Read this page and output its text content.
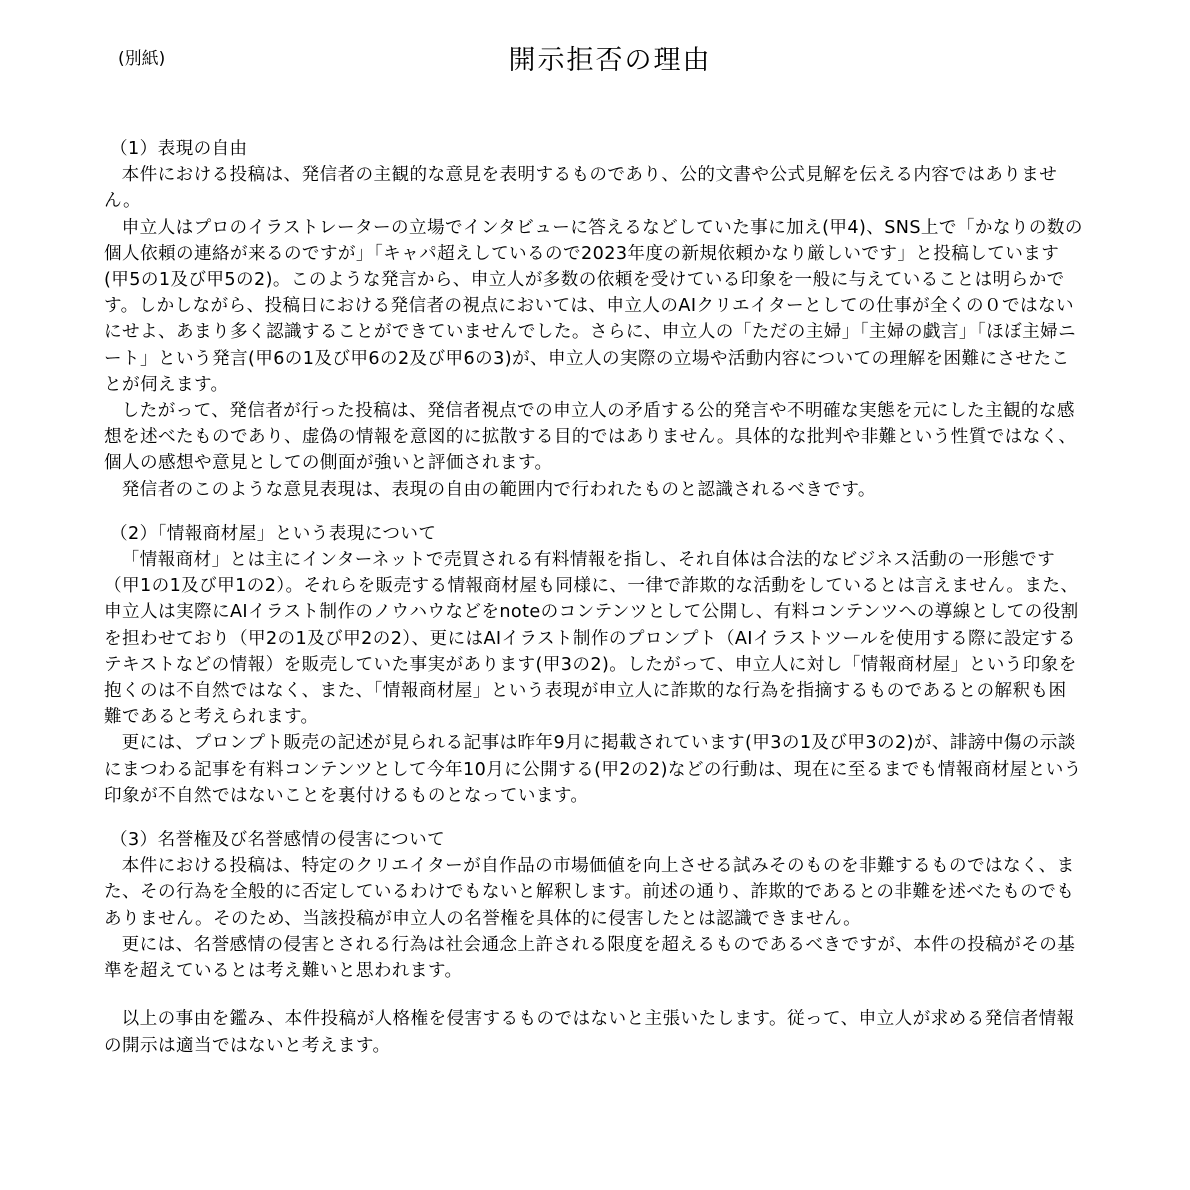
(別紙)	開示拒否の理由

（1）表現の自由

本件における投稿は、発信者の主観的な意見を表明するものであり、公的文書や公式見解を伝える内容ではありません。

申立人はプロのイラストレーターの立場でインタビューに答えるなどしていた事に加え(甲4)、SNS上で「かなりの数の個人依頼の連絡が来るのですが」「キャパ超えしているので2023年度の新規依頼かなり厳しいです」と投稿しています(甲5の1及び甲5の2)。このような発言から、申立人が多数の依頼を受けている印象を一般に与えていることは明らかです。しかしながら、投稿日における発信者の視点においては、申立人のAIクリエイターとしての仕事が全くの０ではないにせよ、あまり多く認識することができていませんでした。さらに、申立人の「ただの主婦」「主婦の戯言」「ほぼ主婦ニート」という発言(甲6の1及び甲6の2及び甲6の3)が、申立人の実際の立場や活動内容についての理解を困難にさせたことが伺えます。

したがって、発信者が行った投稿は、発信者視点での申立人の矛盾する公的発言や不明確な実態を元にした主観的な感想を述べたものであり、虚偽の情報を意図的に拡散する目的ではありません。具体的な批判や非難という性質ではなく、個人の感想や意見としての側面が強いと評価されます。

発信者のこのような意見表現は、表現の自由の範囲内で行われたものと認識されるべきです。

（2）「情報商材屋」という表現について

「情報商材」とは主にインターネットで売買される有料情報を指し、それ自体は合法的なビジネス活動の一形態です（甲1の1及び甲1の2）。それらを販売する情報商材屋も同様に、一律で詐欺的な活動をしているとは言えません。また、申立人は実際にAIイラスト制作のノウハウなどをnoteのコンテンツとして公開し、有料コンテンツへの導線としての役割を担わせており（甲2の1及び甲2の2）、更にはAIイラスト制作のプロンプト（AIイラストツールを使用する際に設定するテキストなどの情報）を販売していた事実があります(甲3の2)。したがって、申立人に対し「情報商材屋」という印象を抱くのは不自然ではなく、また、「情報商材屋」という表現が申立人に詐欺的な行為を指摘するものであるとの解釈も困難であると考えられます。

更には、プロンプト販売の記述が見られる記事は昨年9月に掲載されています(甲3の1及び甲3の2)が、誹謗中傷の示談にまつわる記事を有料コンテンツとして今年10月に公開する(甲2の2)などの行動は、現在に至るまでも情報商材屋という印象が不自然ではないことを裏付けるものとなっています。

（3）名誉権及び名誉感情の侵害について

本件における投稿は、特定のクリエイターが自作品の市場価値を向上させる試みそのものを非難するものではなく、また、その行為を全般的に否定しているわけでもないと解釈します。前述の通り、詐欺的であるとの非難を述べたものでもありません。そのため、当該投稿が申立人の名誉権を具体的に侵害したとは認識できません。

更には、名誉感情の侵害とされる行為は社会通念上許される限度を超えるものであるべきですが、本件の投稿がその基準を超えているとは考え難いと思われます。

以上の事由を鑑み、本件投稿が人格権を侵害するものではないと主張いたします。従って、申立人が求める発信者情報の開示は適当ではないと考えます。
